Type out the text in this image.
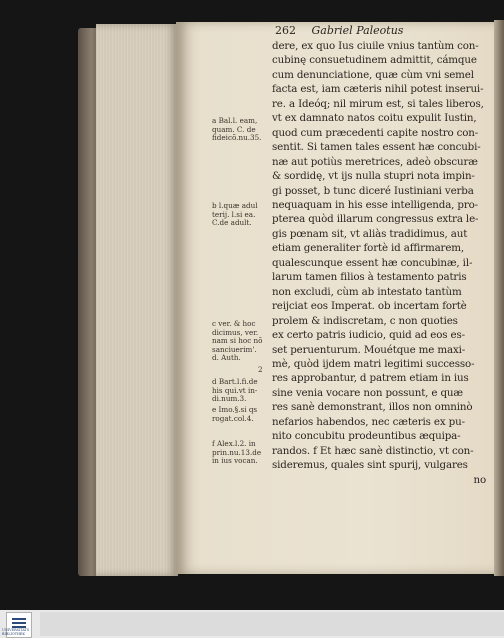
262 Gabriel Paleotus
dere, ex quo Ius ciuile vnius tantùm con-
cubinę consuetudinem admittit, cámque
cum denunciatione, quæ cùm vni semel
facta est, iam cæteris nihil potest inserui-
re. a Ideóq; nil mirum est, si tales liberos,
vt ex damnato natos coitu expulit Iustin,
quod cum præcedenti capite nostro con-
sentit. Si tamen tales essent hæ concubi-
næ aut potiùs meretrices, adeò obscuræ
& sordidę, vt ijs nulla stupri nota impin-
gi posset, b tunc diceré Iustiniani verba
nequaquam in his esse intelligenda, pro-
pterea quòd illarum congressus extra le-
gis pœnam sit, vt aliàs tradidimus, aut
etiam generaliter fortè id affirmarem,
qualescunque essent hæ concubinæ, il-
larum tamen filios à testamento patris
non excludi, cùm ab intestato tantùm
reijciat eos Imperat. ob incertam fortè
prolem & indiscretam, c non quoties
ex certo patris iudicio, quid ad eos es-
set peruenturum. Mouétque me maxi-
mè, quòd ijdem matri legitimi successo-
res approbantur, d patrem etiam in ius
sine venia vocare non possunt, e quæ
res sanè demonstrant, illos non omninò
nefarios habendos, nec cæteris ex pu-
nito concubitu prodeuntibus æquipa-
randos. f Et hæc sanè distinctio, vt con-
sideremus, quales sint spurij, vulgares
no
a Bal.l. eam,
quam. C. de
fideicõ.nu.35.
b l.quæ adul
terij. l.si ea.
C.de adult.
c ver. & hoc
dicimus, ver.
nam si hoc nõ
sanciuerim'.
d. Auth.
2
d Bart.l.fi.de
his qui.vt in-
di.num.3.
e Imo.§.si qs
rogat.col.4.
f Alex.l.2. in
prin.nu.13.de
in ius vocan.
UNIVERSITÄTS
BIBLIOTHEK
